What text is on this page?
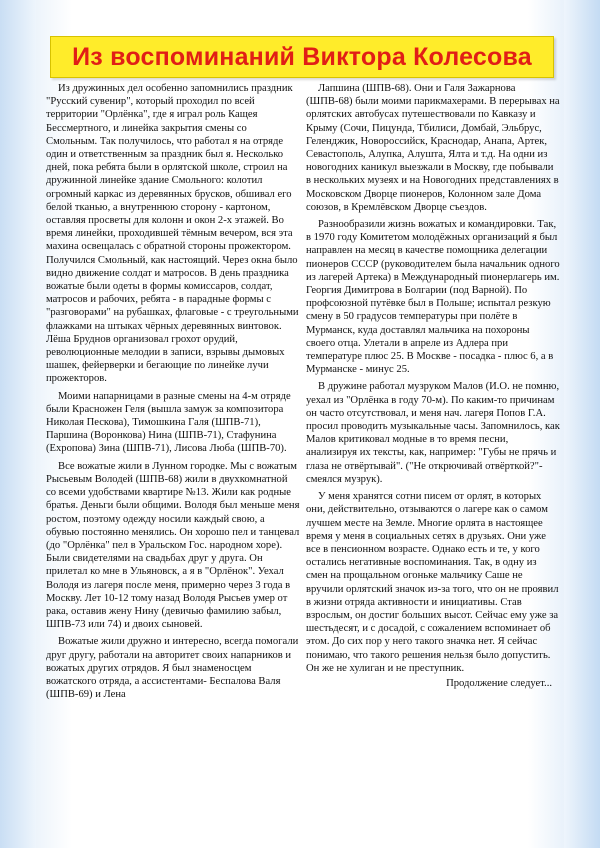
Из воспоминаний Виктора Колесова

Из дружинных дел особенно запомнились праздник "Русский сувенир", который проходил по всей территории "Орлёнка", где я играл роль Кащея Бессмертного, и линейка закрытия смены со Смольным. Так получилось, что работал я на отряде один и ответственным за праздник был я. Несколько дней, пока ребята были в орлятской школе, строил на дружинной линейке здание Смольного: колотил огромный каркас из деревянных брусков, обшивал его белой тканью, а внутреннюю сторону - картоном, оставляя просветы для колонн и окон 2-х этажей. Во время линейки, проходившей тёмным вечером, вся эта махина освещалась с обратной стороны прожектором. Получился Смольный, как настоящий. Через окна было видно движение солдат и матросов. В день праздника вожатые были одеты в формы комиссаров, солдат, матросов и рабочих, ребята - в парадные формы с "разговорами" на рубашках, флаговые - с треугольными флажками на штыках чёрных деревянных винтовок. Лёша Бруднов организовал грохот орудий, революционные мелодии в записи, взрывы дымовых шашек, фейерверки и бегающие по линейке лучи прожекторов.

Моими напарницами в разные смены на 4-м отряде были Красножен Геля (вышла замуж за композитора Николая Пескова), Тимошкина Галя (ШПВ-71), Паршина (Воронкова) Нина (ШПВ-71), Стафунина (Ехропова) Зина (ШПВ-71), Лисова Люба (ШПВ-70).

Все вожатые жили в Лунном городке. Мы с вожатым Рысьевым Володей (ШПВ-68) жили в двухкомнатной со всеми удобствами квартире №13. Жили как родные братья. Деньги были общими. Володя был меньше меня ростом, поэтому одежду носили каждый свою, а обувью постоянно менялись. Он хорошо пел и танцевал (до "Орлёнка" пел в Уральском Гос. народном хоре). Были свидетелями на свадьбах друг у друга. Он прилетал ко мне в Ульяновск, а я в "Орлёнок". Уехал Володя из лагеря после меня, примерно через 3 года в Москву. Лет 10-12 тому назад Володя Рысьев умер от рака, оставив жену Нину (девичью фамилию забыл, ШПВ-73 или 74) и двоих сыновей.

Вожатые жили дружно и интересно, всегда помогали друг другу, работали на авторитет своих напарников и вожатых других отрядов. Я был знаменосцем вожатского отряда, а ассистентами- Беспалова Валя (ШПВ-69) и Лена

Лапшина (ШПВ-68). Они и Галя Зажарнова (ШПВ-68) были моими парикмахерами. В перерывах на орлятских автобусах путешествовали по Кавказу и Крыму (Сочи, Пицунда, Тбилиси, Домбай, Эльбрус, Геленджик, Новороссийск, Краснодар, Анапа, Артек, Севастополь, Алупка, Алушта, Ялта и т.д. На одни из новогодних каникул выезжали в Москву, где побывали в нескольких музеях и на Новогодних представлениях в Московском Дворце пионеров, Колонном зале Дома союзов, в Кремлёвском Дворце съездов.

Разнообразили жизнь вожатых и командировки. Так, в 1970 году Комитетом молодёжных организаций я был направлен на месяц в качестве помощника делегации пионеров СССР (руководителем была начальник одного из лагерей Артека) в Международный пионерлагерь им. Георгия Димитрова в Болгарии (под Варной). По профсоюзной путёвке был в Польше; испытал резкую смену в 50 градусов температуры при полёте в Мурманск, куда доставлял мальчика на похороны своего отца. Улетали в апреле из Адлера при температуре плюс 25. В Москве - посадка - плюс 6, а в Мурманске - минус 25.

В дружине работал музруком Малов (И.О. не помню, уехал из "Орлёнка в году 70-м). По каким-то причинам он часто отсутствовал, и меня нач. лагеря Попов Г.А. просил проводить музыкальные часы. Запомнилось, как Малов критиковал модные в то время песни, анализируя их тексты, как, например: "Губы не прячь и глаза не отвёртывай". ("Не открючивай отвёрткой?"- смеялся музрук).

У меня хранятся сотни писем от орлят, в которых они, действительно, отзываются о лагере как о самом лучшем месте на Земле. Многие орлята в настоящее время у меня в социальных сетях в друзьях. Они уже все в пенсионном возрасте. Однако есть и те, у кого остались негативные воспоминания. Так, в одну из смен на прощальном огоньке мальчику Саше не вручили орлятский значок из-за того, что он не проявил в жизни отряда активности и инициативы. Став взрослым, он достиг больших высот. Сейчас ему уже за шестьдесят, и с досадой, с сожалением вспоминает об этом. До сих пор у него такого значка нет. Я сейчас понимаю, что такого решения нельзя было допустить. Он же не хулиган и не преступник.

Продолжение следует...
